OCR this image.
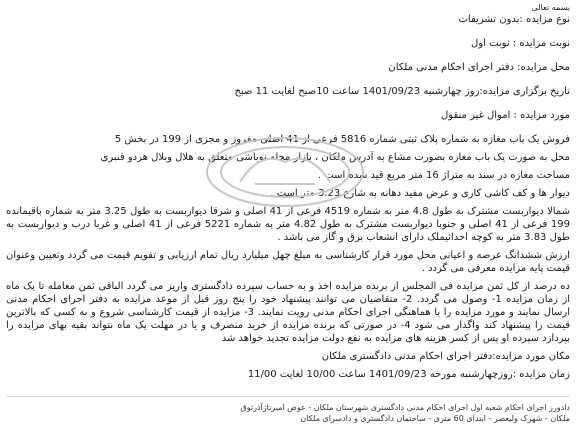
بسمه تعالی
نوع مزایده :بدون تشریفات
نوبت مزایده : نوبت اول
محل مزایده: دفتر اجرای احکام مدنی ملکان
تاریخ برگزاری مزایده:روز چهارشنبه 1401/09/23 ساعت 10صبح لغایت 11 صبح
مورد مزایده : اموال غیر منقول
فروش یک باب مغازه به شماره پلاک ثبتی شماره 5816 فرعی از 41 اصلی مفروز و مجزی از 199 در بخش 5
محل به صورت یک باب مغازه بصورت مشاع به آدرس ملکان ، بازار محله نوباشی متعلق به هلال وبلال هردو قنبری
مساحت مغازه در سند به متراژ 16 متر مربع قید شده است .
دیوار ها و کف کاشی کاری و عرض مفید دهانه به شارع 3.23 متر است .
شمالا دیواربست مشترک به طول 4.8 متر به شماره 4519 فرعی از 41 اصلی و شرقا دیواربست به طول 3.25 متر به شماره باقیمانده 199 فرعی از 41 اصلی و جنوبا دیواربست مشترک به طول 4.82 متر به شماره 5221 فرعی از 41 اصلی و غربا درب و دیواربست به طول 3.83 متر به کوچه احداثیملک دارای انشعاب برق و گاز می باشد .
ارزش ششدانگ عرصه و اعیانی محل مورد قرار کارشناسی به مبلغ چهل میلیارد ریال تمام ارزیابی و تقویم قیمت می گردد وتعیین وعنوان قیمت پایه مزایده معرفی می گردد .
ده درصد از کل ثمن مزایده فی المجلس از برنده مزایده اخذ و به حساب سپرده دادگستری واریز می گردد الباقی ثمن معامله تا یک ماه از زمان مزایده 1- وصول می گردد. 2- متقاضیان می توانند پیشنهاد خود را پنج روز قبل از موعد مزایده به دفتر اجرای احکام مدنی ارسال نمایند و مورد مزایده را با هماهنگی اجرای احکام مدنی رویت نمایند. 3- مزایده از قیمت کارشناسی شروع و به کسی که بالاترین قیمت را پیشنهاد کند واگذار می شود 4- در صورتی که برنده مزایده از خرید منصرف و یا در مهلت یک ماه نتواند بقیه بهای مزایده را بپردازد سپرده او پس از کسر هزینه های مزایده به نفع دولت مزایده تجدید خواهد شد
مکان مورد مزایده:دفتر اجرای احکام مدنی دادگستری ملکان
زمان مزایده :روزچهارشنبه مورخه 1401/09/23 ساعت 10/00 لغایت 11/00
دادورز اجرای احکام شعبه اول اجرای احکام مدنی دادگستری شهرستان ملکان - عوض امیرتاژآذرتوق
ملکان - شهرک ولیعصر - ابتدای 60 متری - ساختمان دادگستری و دادسرای ملکان
